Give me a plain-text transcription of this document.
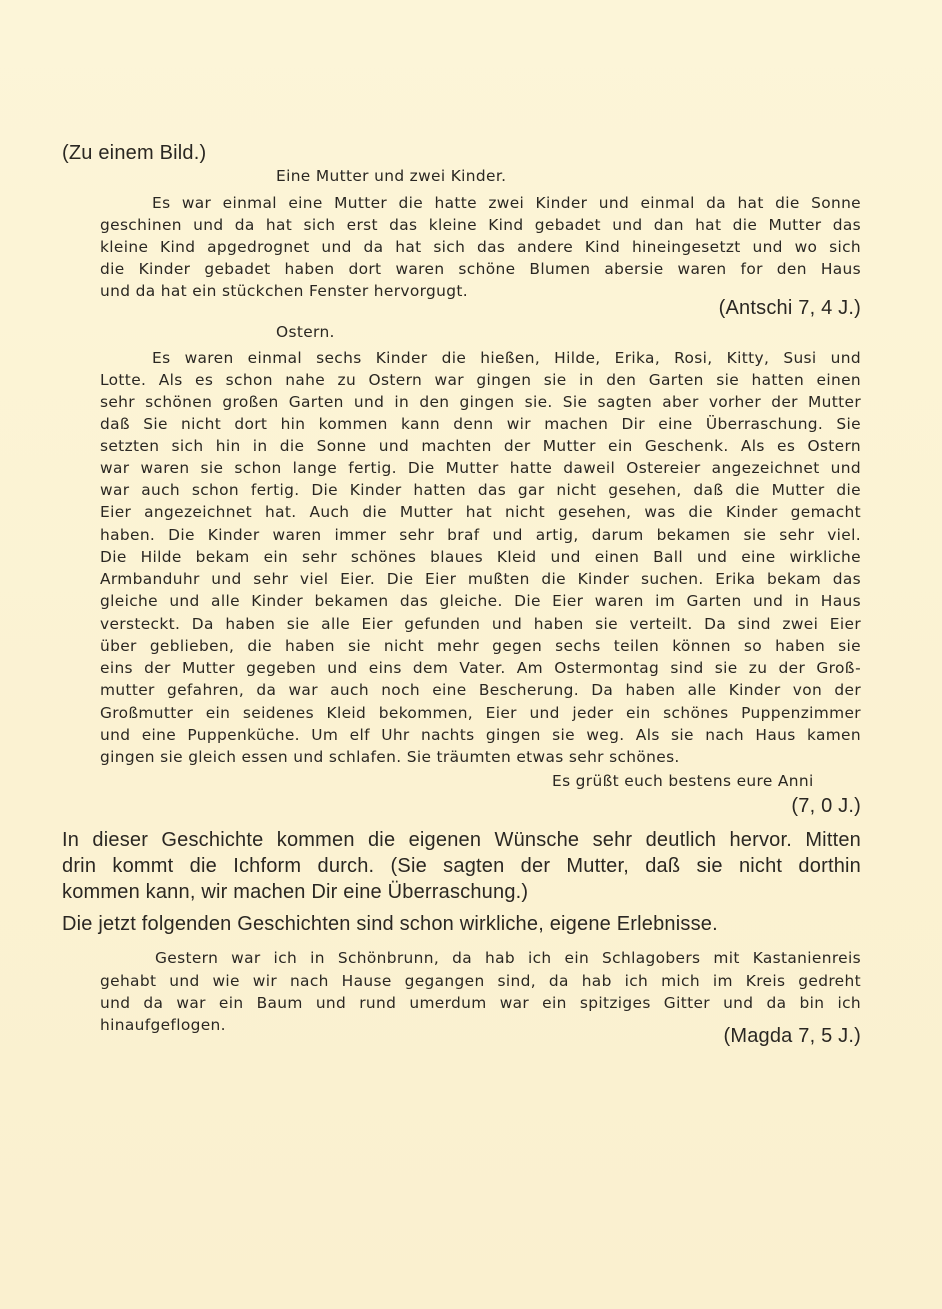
(Zu einem Bild.)
Eine Mutter und zwei Kinder.
Es war einmal eine Mutter die hatte zwei Kinder und einmal da hat die Sonne
geschinen und da hat sich erst das kleine Kind gebadet und dan hat die Mutter das
kleine Kind apgedrognet und da hat sich das andere Kind hineingesetzt und wo sich
die Kinder gebadet haben dort waren schöne Blumen abersie waren for den Haus
und da hat ein stückchen Fenster hervorgugt.
(Antschi 7, 4 J.)
Ostern.
Es waren einmal sechs Kinder die hießen, Hilde, Erika, Rosi, Kitty, Susi und
Lotte. Als es schon nahe zu Ostern war gingen sie in den Garten sie hatten einen
sehr schönen großen Garten und in den gingen sie. Sie sagten aber vorher der Mutter
daß Sie nicht dort hin kommen kann denn wir machen Dir eine Überraschung. Sie
setzten sich hin in die Sonne und machten der Mutter ein Geschenk. Als es Ostern
war waren sie schon lange fertig. Die Mutter hatte daweil Ostereier angezeichnet und
war auch schon fertig. Die Kinder hatten das gar nicht gesehen, daß die Mutter die
Eier angezeichnet hat. Auch die Mutter hat nicht gesehen, was die Kinder gemacht
haben. Die Kinder waren immer sehr braf und artig, darum bekamen sie sehr viel.
Die Hilde bekam ein sehr schönes blaues Kleid und einen Ball und eine wirkliche
Armbanduhr und sehr viel Eier. Die Eier mußten die Kinder suchen. Erika bekam das
gleiche und alle Kinder bekamen das gleiche. Die Eier waren im Garten und in Haus
versteckt. Da haben sie alle Eier gefunden und haben sie verteilt. Da sind zwei Eier
über geblieben, die haben sie nicht mehr gegen sechs teilen können so haben sie
eins der Mutter gegeben und eins dem Vater. Am Ostermontag sind sie zu der Groß-
mutter gefahren, da war auch noch eine Bescherung. Da haben alle Kinder von der
Großmutter ein seidenes Kleid bekommen, Eier und jeder ein schönes Puppenzimmer
und eine Puppenküche. Um elf Uhr nachts gingen sie weg. Als sie nach Haus kamen
gingen sie gleich essen und schlafen. Sie träumten etwas sehr schönes.
Es grüßt euch bestens eure Anni
(7, 0 J.)
In dieser Geschichte kommen die eigenen Wünsche sehr deutlich hervor. Mitten
drin kommt die Ichform durch. (Sie sagten der Mutter, daß sie nicht dorthin
kommen kann, wir machen Dir eine Überraschung.)
Die jetzt folgenden Geschichten sind schon wirkliche, eigene Erlebnisse.
Gestern war ich in Schönbrunn, da hab ich ein Schlagobers mit Kastanienreis
gehabt und wie wir nach Hause gegangen sind, da hab ich mich im Kreis gedreht
und da war ein Baum und rund umerdum war ein spitziges Gitter und da bin ich
hinaufgeflogen.	(Magda 7, 5 J.)
